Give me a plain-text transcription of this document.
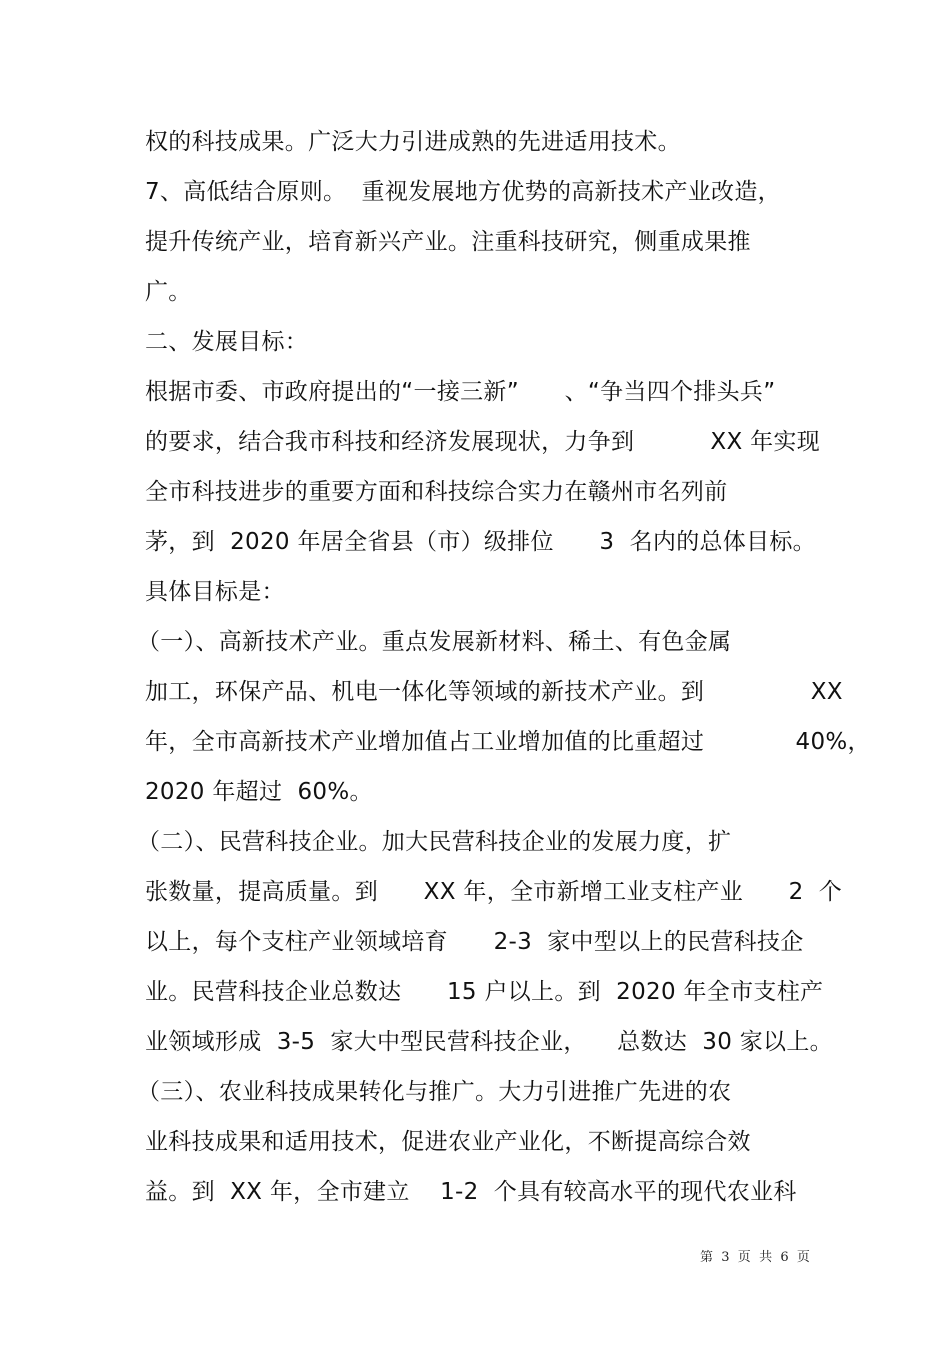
权的科技成果。广泛大力引进成熟的先进适用技术。
7、高低结合原则。  重视发展地方优势的高新技术产业改造，
提升传统产业，培育新兴产业。注重科技研究，侧重成果推
广。
二、发展目标：
根据市委、市政府提出的“一接三新”      、“争当四个排头兵”
的要求，结合我市科技和经济发展现状，力争到          XX 年实现
全市科技进步的重要方面和科技综合实力在赣州市名列前
茅，到  2020 年居全省县（市）级排位      3  名内的总体目标。
具体目标是：
（一）、高新技术产业。重点发展新材料、稀土、有色金属
加工，环保产品、机电一体化等领域的新技术产业。到              XX
年，全市高新技术产业增加值占工业增加值的比重超过            40%，
2020 年超过  60%。
（二）、民营科技企业。加大民营科技企业的发展力度，扩
张数量，提高质量。到      XX 年，全市新增工业支柱产业      2  个
以上，每个支柱产业领域培育      2-3  家中型以上的民营科技企
业。民营科技企业总数达      15 户以上。到  2020 年全市支柱产
业领域形成  3-5  家大中型民营科技企业，    总数达  30 家以上。
（三）、农业科技成果转化与推广。大力引进推广先进的农
业科技成果和适用技术，促进农业产业化，不断提高综合效
益。到  XX 年，全市建立    1-2  个具有较高水平的现代农业科
第  3  页  共  6  页
